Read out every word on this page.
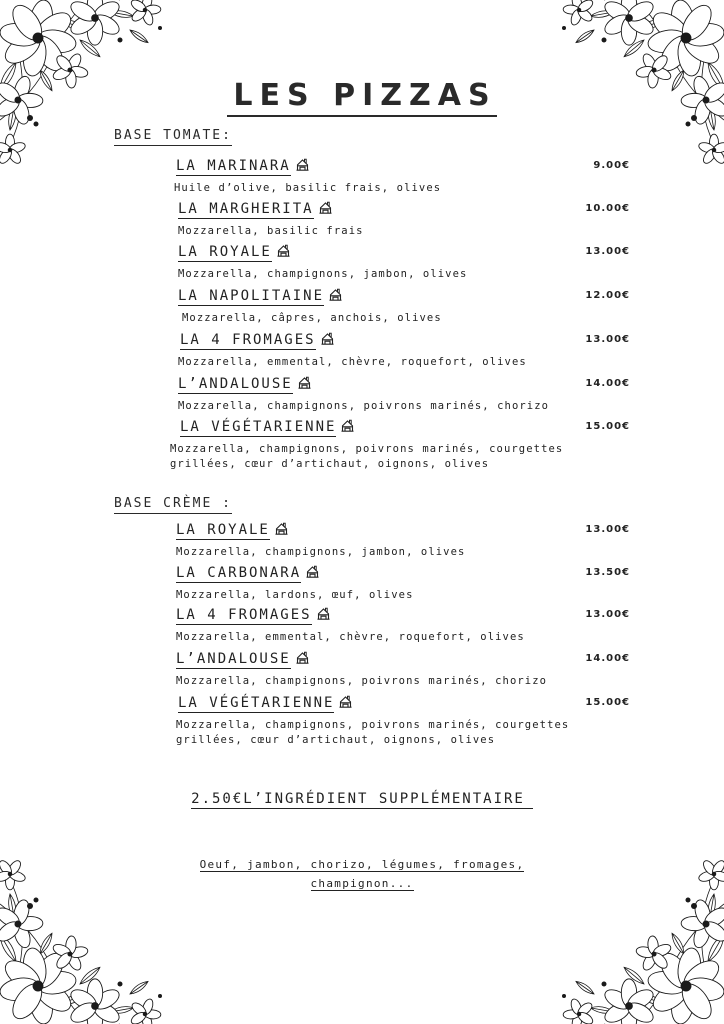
LES PIZZAS
BASE TOMATE:
BASE CRÈME :
LA MARINARA	9.00€
Huile d’olive, basilic frais, olives
LA MARGHERITA	10.00€
Mozzarella, basilic frais
LA ROYALE	13.00€
Mozzarella, champignons, jambon, olives
LA NAPOLITAINE	12.00€
Mozzarella, câpres, anchois, olives
LA 4 FROMAGES	13.00€
Mozzarella, emmental, chèvre, roquefort, olives
L’ANDALOUSE	14.00€
Mozzarella, champignons, poivrons marinés, chorizo
LA VÉGÉTARIENNE	15.00€
Mozzarella, champignons, poivrons marinés, courgettes
grillées, cœur d’artichaut, oignons, olives
LA ROYALE	13.00€
Mozzarella, champignons, jambon, olives
LA CARBONARA	13.50€
Mozzarella, lardons, œuf, olives
LA 4 FROMAGES	13.00€
Mozzarella, emmental, chèvre, roquefort, olives
L’ANDALOUSE	14.00€
Mozzarella, champignons, poivrons marinés, chorizo
LA VÉGÉTARIENNE	15.00€
Mozzarella, champignons, poivrons marinés, courgettes
grillées, cœur d’artichaut, oignons, olives
2.50€L’INGRÉDIENT SUPPLÉMENTAIRE
Oeuf, jambon, chorizo, légumes, fromages,
champignon...
